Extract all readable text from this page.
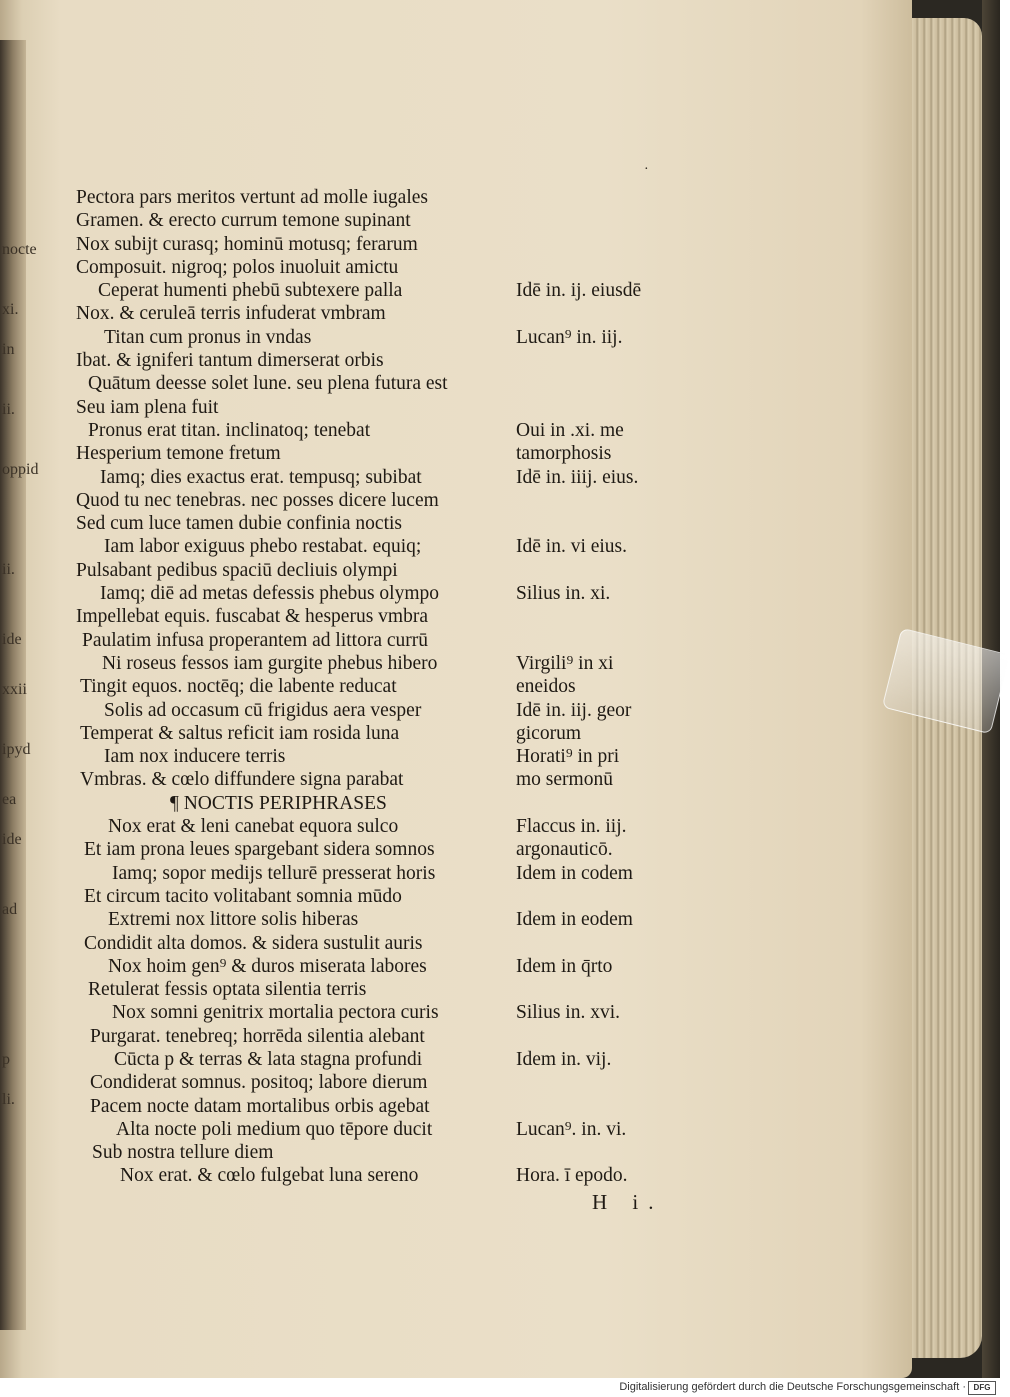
nocte
xi.
in
ii.
oppid
ii.
ide
xxii
ipyd
ea
ide
ad
p
li.
·
Pectora pars meritos vertunt ad molle iugales
Gramen. & erecto currum temone supinant
Nox subijt curasq; hominū motusq; ferarum
Composuit. nigroq; polos inuoluit amictu
Ceperat humenti phebū subtexere palla	Idē in. ij. eiusdē
Nox. & ceruleā terris infuderat vmbram
Titan cum pronus in vndas	Lucan⁹ in. iij.
Ibat. & igniferi tantum dimerserat orbis
Quātum deesse solet lune. seu plena futura est
Seu iam plena fuit
Pronus erat titan. inclinatoq; tenebat	Oui in .xi. me
Hesperium temone fretum	tamorphosis
Iamq; dies exactus erat. tempusq; subibat	Idē in. iiij. eius.
Quod tu nec tenebras. nec posses dicere lucem
Sed cum luce tamen dubie confinia noctis
Iam labor exiguus phebo restabat. equiq;	Idē in. vi eius.
Pulsabant pedibus spaciū decliuis olympi
Iamq; diē ad metas defessis phebus olympo	Silius in. xi.
Impellebat equis. fuscabat & hesperus vmbra
Paulatim infusa properantem ad littora currū
Ni roseus fessos iam gurgite phebus hibero	Virgili⁹ in xi
Tingit equos. noctēq; die labente reducat	eneidos
Solis ad occasum cū frigidus aera vesper	Idē in. iij. geor
Temperat & saltus reficit iam rosida luna	gicorum
Iam nox inducere terris	Horati⁹ in pri
Vmbras. & cœlo diffundere signa parabat	mo sermonū
¶ NOCTIS PERIPHRASES
Nox erat & leni canebat equora sulco	Flaccus in. iij.
Et iam prona leues spargebant sidera somnos	argonauticō.
Iamq; sopor medijs tellurē presserat horis	Idem in codem
Et circum tacito volitabant somnia mūdo
Extremi nox littore solis hiberas	Idem in eodem
Condidit alta domos. & sidera sustulit auris
Nox hoim gen⁹ & duros miserata labores	Idem in q̄rto
Retulerat fessis optata silentia terris
Nox somni genitrix mortalia pectora curis	Silius in. xvi.
Purgarat. tenebreq; horrēda silentia alebant
Cūcta p & terras & lata stagna profundi	Idem in. vij.
Condiderat somnus. positoq; labore dierum
Pacem nocte datam mortalibus orbis agebat
Alta nocte poli medium quo tēpore ducit	Lucan⁹. in. vi.
Sub nostra tellure diem
Nox erat. & cœlo fulgebat luna sereno	Hora. ī epodo.
H i.
Digitalisierung gefördert durch die Deutsche Forschungsgemeinschaft · DFG
